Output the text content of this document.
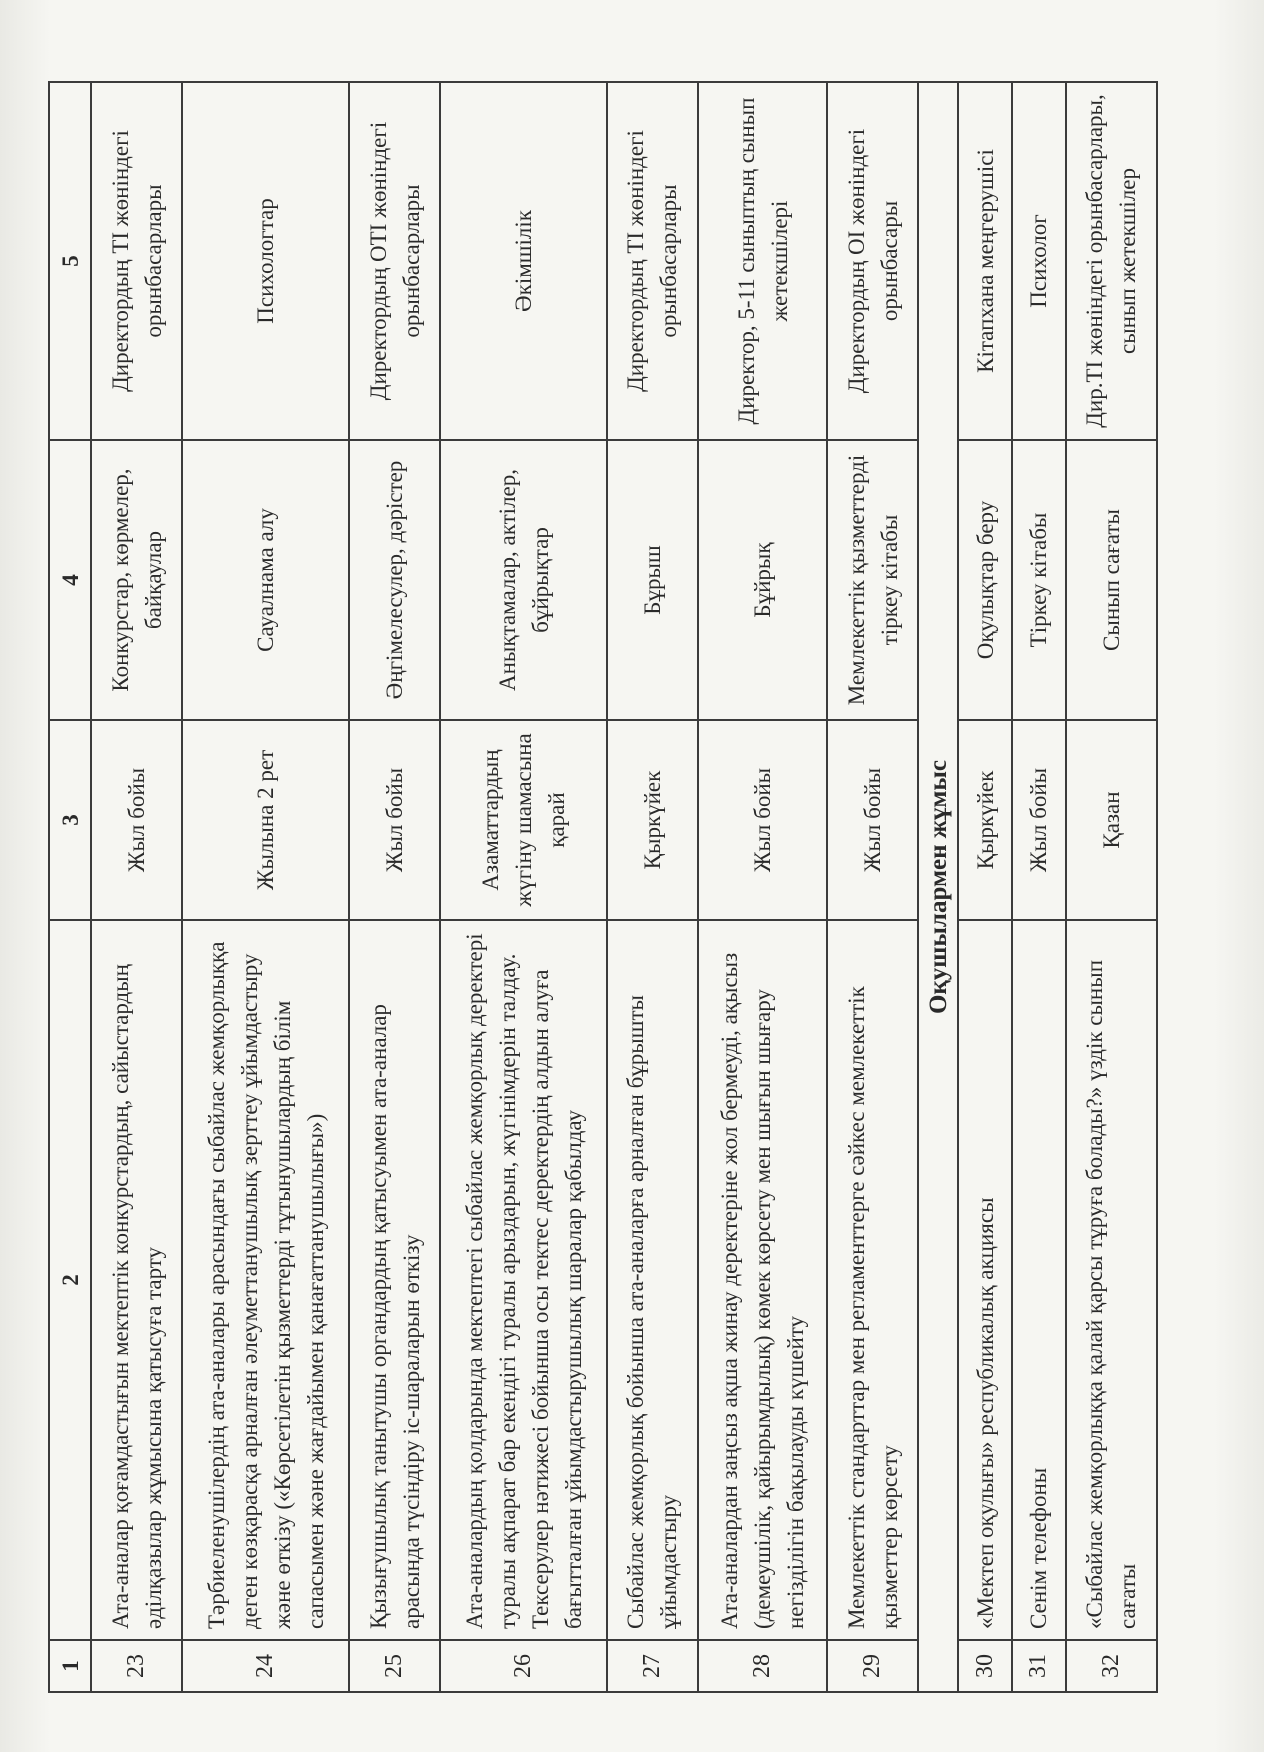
1	2	3	4	5
23	Ата-аналар қоғамдастығын мектептік конкурстардың, сайыстардың әділқазылар жұмысына қатысуға тарту	Жыл бойы	Конкурстар, көрмелер, байқаулар	Директордың ТІ жөніндегі орынбасарлары
24	Тәрбиеленушілердің ата-аналары арасындағы сыбайлас жемқорлыққа деген көзқарасқа арналған әлеуметтанушылық зерттеу ұйымдастыру және өткізу («Көрсетілетін қызметтерді тұтынушылардың білім сапасымен және жағдайымен қанағаттанушылығы»)	Жылына 2 рет	Сауалнама алу	Психологтар
25	Қызығушылық танытушы органдардың қатысуымен ата-аналар арасында түсіндіру іс-шараларын өткізу	Жыл бойы	Әңгімелесулер, дәрістер	Директордың ОТІ жөніндегі орынбасарлары
26	Ата-аналардың қолдарында мектептегі сыбайлас жемқорлық деректері туралы ақпарат бар екендігі туралы арыздарын, жүгінімдерін талдау. Тексерулер нәтижесі бойынша осы тектес деректердің алдын алуға бағытталған ұйымдастырушылық шаралар қабылдау	Азаматтардың жүгіну шамасына қарай	Анықтамалар, актілер, бұйрықтар	Әкімшілік
27	Сыбайлас жемқорлық бойынша ата-аналарға арналған бұрышты ұйымдастыру	Қыркүйек	Бұрыш	Директордың ТІ жөніндегі орынбасарлары
28	Ата-аналардан заңсыз ақша жинау деректеріне жол бермеуді, ақысыз (демеушілік, қайырымдылық) көмек көрсету мен шығын шығару негізділігін бақылауды күшейту	Жыл бойы	Бұйрық	Директор, 5-11 сыныптың сынып жетекшілері
29	Мемлекеттік стандарттар мен регламенттерге сәйкес мемлекеттік қызметтер көрсету	Жыл бойы	Мемлекеттік қызметтерді тіркеу кітабы	Директордың ОІ жөніндегі орынбасары
Оқушылармен жұмыс				
30	«Мектеп оқулығы» республикалық акциясы	Қыркүйек	Оқулықтар беру	Кітапхана меңгерушісі
31	Сенім телефоны	Жыл бойы	Тіркеу кітабы	Психолог
32	«Сыбайлас жемқорлыққа қалай қарсы тұруға болады?» үздік сынып сағаты	Қазан	Сынып сағаты	Дир.ТІ жөніндегі орынбасарлары, сынып жетекшілер
